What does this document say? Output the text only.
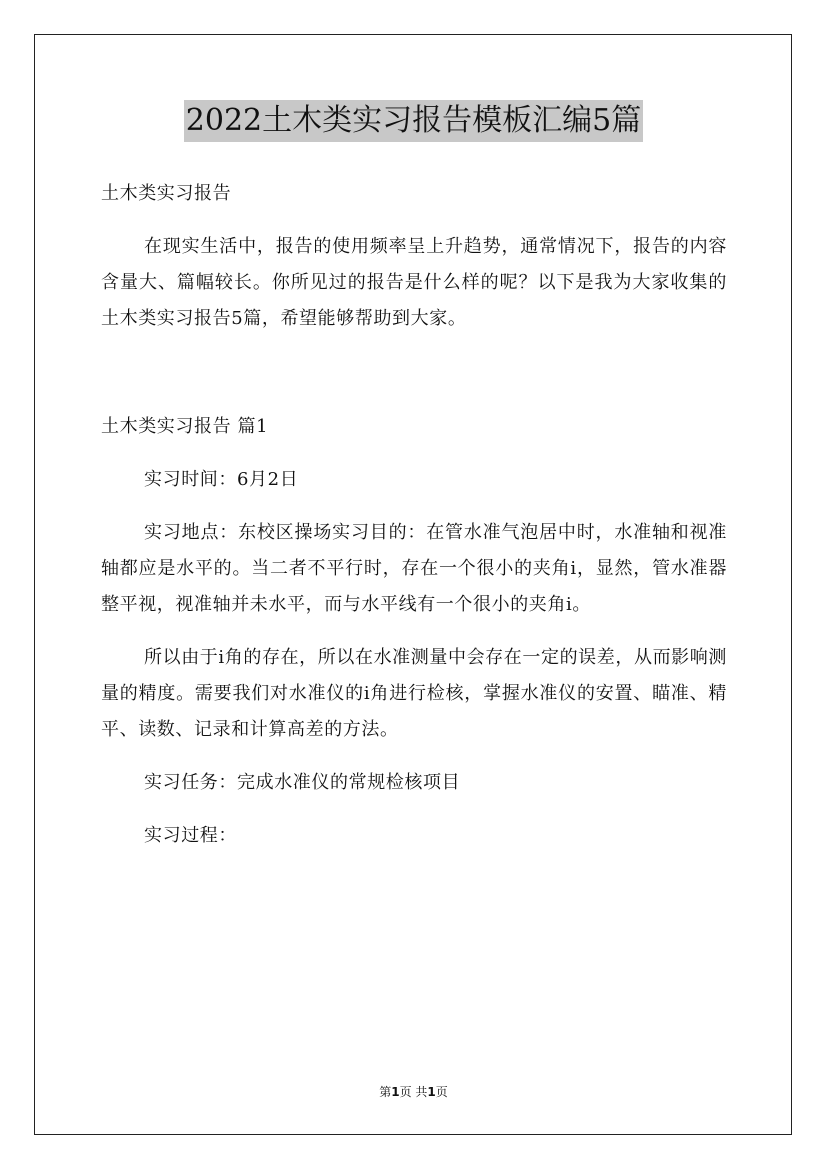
2022土木类实习报告模板汇编5篇

土木类实习报告

在现实生活中，报告的使用频率呈上升趋势，通常情况下，报告的内容含量大、篇幅较长。你所见过的报告是什么样的呢？以下是我为大家收集的土木类实习报告5篇，希望能够帮助到大家。

土木类实习报告 篇1

实习时间：6月2日

实习地点：东校区操场实习目的：在管水准气泡居中时，水准轴和视准轴都应是水平的。当二者不平行时，存在一个很小的夹角i，显然，管水准器整平视，视准轴并未水平，而与水平线有一个很小的夹角i。

所以由于i角的存在，所以在水准测量中会存在一定的误差，从而影响测量的精度。需要我们对水准仪的i角进行检核，掌握水准仪的安置、瞄准、精平、读数、记录和计算高差的方法。

实习任务：完成水准仪的常规检核项目

实习过程：

第1页 共1页
